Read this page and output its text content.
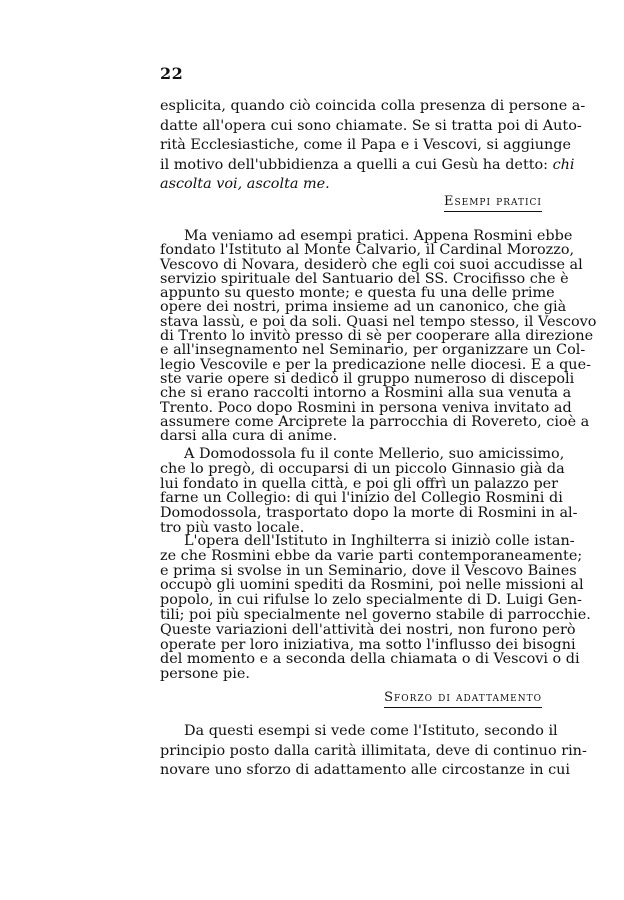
22
esplicita, quando ciò coincida colla presenza di persone a-
datte all'opera cui sono chiamate. Se si tratta poi di Auto-
rità Ecclesiastiche, come il Papa e i Vescovi, si aggiunge
il motivo dell'ubbidienza a quelli a cui Gesù ha detto: chi
ascolta voi, ascolta me.
Esempi pratici
Ma veniamo ad esempi pratici. Appena Rosmini ebbe
fondato l'Istituto al Monte Calvario, il Cardinal Morozzo,
Vescovo di Novara, desiderò che egli coi suoi accudisse al
servizio spirituale del Santuario del SS. Crocifisso che è
appunto su questo monte; e questa fu una delle prime
opere dei nostri, prima insieme ad un canonico, che già
stava lassù, e poi da soli. Quasi nel tempo stesso, il Vescovo
di Trento lo invitò presso di sè per cooperare alla direzione
e all'insegnamento nel Seminario, per organizzare un Col-
legio Vescovile e per la predicazione nelle diocesi. E a que-
ste varie opere si dedicò il gruppo numeroso di discepoli
che si erano raccolti intorno a Rosmini alla sua venuta a
Trento. Poco dopo Rosmini in persona veniva invitato ad
assumere come Arciprete la parrocchia di Rovereto, cioè a
darsi alla cura di anime.
A Domodossola fu il conte Mellerio, suo amicissimo,
che lo pregò, di occuparsi di un piccolo Ginnasio già da
lui fondato in quella città, e poi gli offrì un palazzo per
farne un Collegio: di qui l'inizio del Collegio Rosmini di
Domodossola, trasportato dopo la morte di Rosmini in al-
tro più vasto locale.
L'opera dell'Istituto in Inghilterra si iniziò colle istan-
ze che Rosmini ebbe da varie parti contemporaneamente;
e prima si svolse in un Seminario, dove il Vescovo Baines
occupò gli uomini spediti da Rosmini, poi nelle missioni al
popolo, in cui rifulse lo zelo specialmente di D. Luigi Gen-
tili; poi più specialmente nel governo stabile di parrocchie.
Queste variazioni dell'attività dei nostri, non furono però
operate per loro iniziativa, ma sotto l'influsso dei bisogni
del momento e a seconda della chiamata o di Vescovi o di
persone pie.
Sforzo di adattamento
Da questi esempi si vede come l'Istituto, secondo il
principio posto dalla carità illimitata, deve di continuo rin-
novare uno sforzo di adattamento alle circostanze in cui
